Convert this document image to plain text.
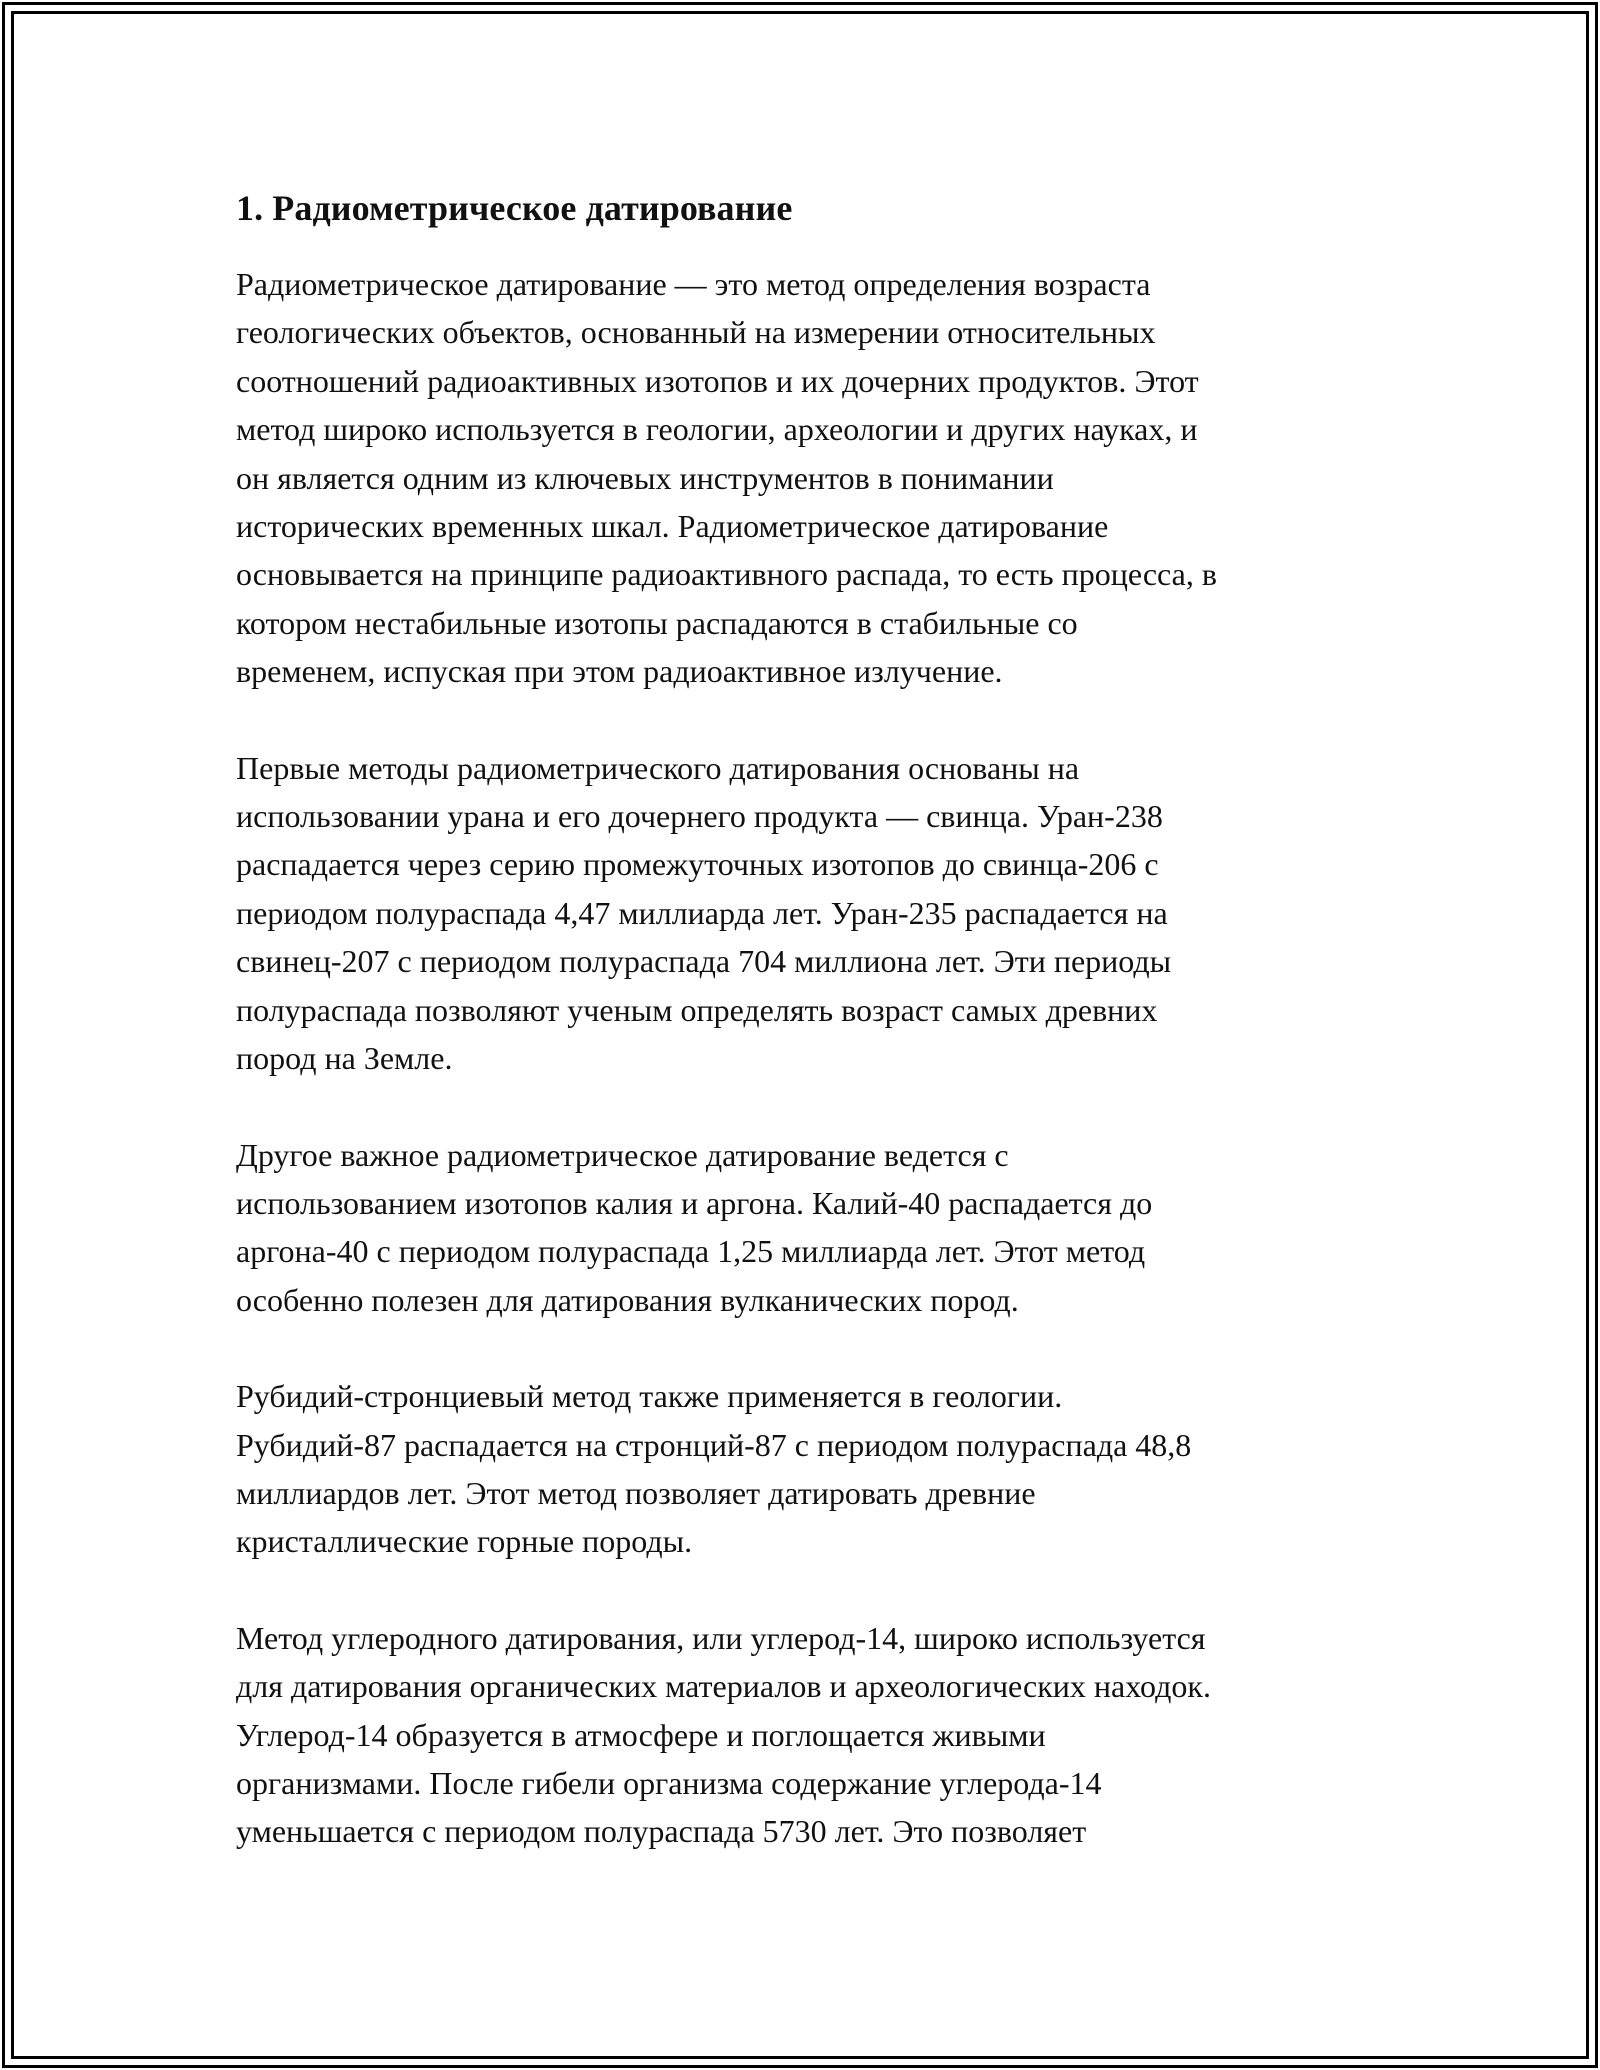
1. Радиометрическое датирование

Радиометрическое датирование — это метод определения возраста
геологических объектов, основанный на измерении относительных
соотношений радиоактивных изотопов и их дочерних продуктов. Этот
метод широко используется в геологии, археологии и других науках, и
он является одним из ключевых инструментов в понимании
исторических временных шкал. Радиометрическое датирование
основывается на принципе радиоактивного распада, то есть процесса, в
котором нестабильные изотопы распадаются в стабильные со
временем, испуская при этом радиоактивное излучение.

Первые методы радиометрического датирования основаны на
использовании урана и его дочернего продукта — свинца. Уран-238
распадается через серию промежуточных изотопов до свинца-206 с
периодом полураспада 4,47 миллиарда лет. Уран-235 распадается на
свинец-207 с периодом полураспада 704 миллиона лет. Эти периоды
полураспада позволяют ученым определять возраст самых древних
пород на Земле.

Другое важное радиометрическое датирование ведется с
использованием изотопов калия и аргона. Калий-40 распадается до
аргона-40 с периодом полураспада 1,25 миллиарда лет. Этот метод
особенно полезен для датирования вулканических пород.

Рубидий-стронциевый метод также применяется в геологии.
Рубидий-87 распадается на стронций-87 с периодом полураспада 48,8
миллиардов лет. Этот метод позволяет датировать древние
кристаллические горные породы.

Метод углеродного датирования, или углерод-14, широко используется
для датирования органических материалов и археологических находок.
Углерод-14 образуется в атмосфере и поглощается живыми
организмами. После гибели организма содержание углерода-14
уменьшается с периодом полураспада 5730 лет. Это позволяет
